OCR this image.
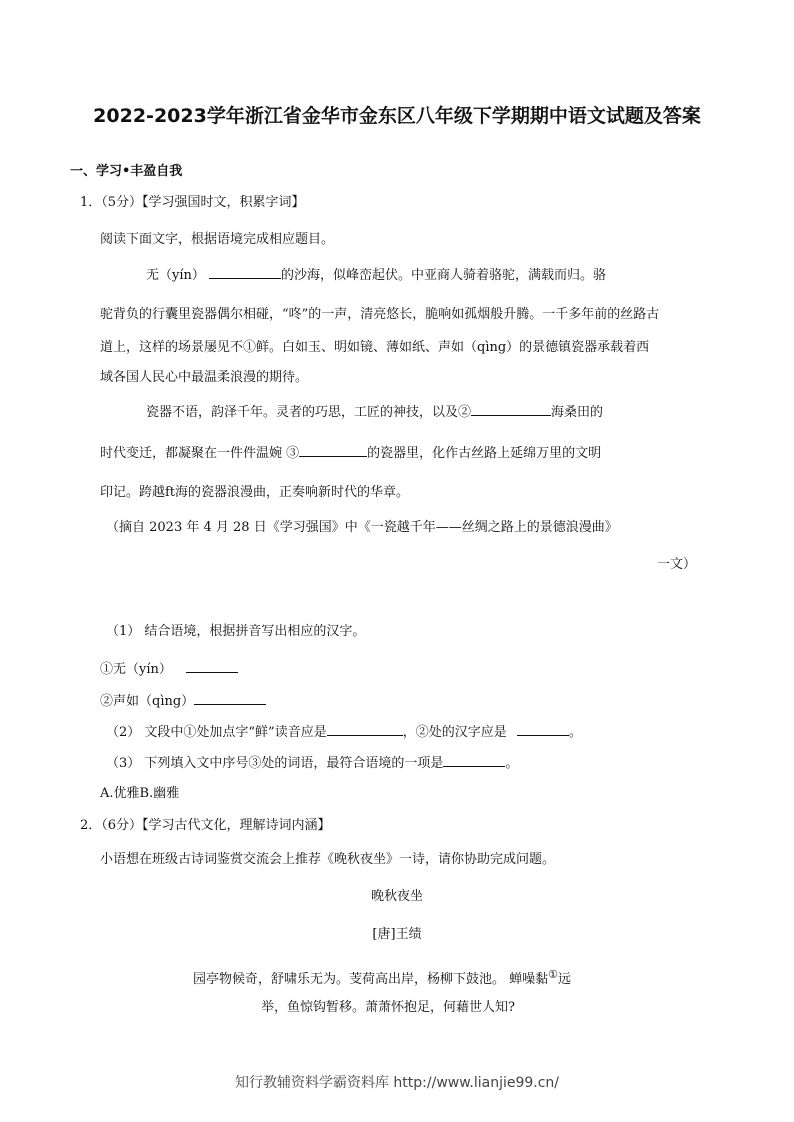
2022-2023学年浙江省金华市金东区八年级下学期期中语文试题及答案
一、学习•丰盈自我
1．（5分）【学习强国时文，积累字词】
阅读下面文字，根据语境完成相应题目。
无（yín）	的沙海，似峰峦起伏。中亚商人骑着骆驼，满载而归。骆
驼背负的行囊里瓷器偶尔相碰，“咚”的一声，清亮悠长，脆响如孤烟般升腾。一千多年前的丝路古
道上，这样的场景屡见不①鲜。白如玉、明如镜、薄如纸、声如（qìng）的景德镇瓷器承载着西
域各国人民心中最温柔浪漫的期待。
瓷器不语，韵泽千年。灵者的巧思，工匠的神技，以及②	海桑田的
时代变迁，都凝聚在一件件温婉 ③	的瓷器里，化作古丝路上延绵万里的文明
印记。跨越ft海的瓷器浪漫曲，正奏响新时代的华章。
（摘自 2023 年 4 月 28 日《学习强国》中《一瓷越千年——丝绸之路上的景德浪漫曲》
一文）
（1） 结合语境，根据拼音写出相应的汉字。
①无（yín）
②声如（qìng）
（2） 文段中①处加点字“鲜”读音应是	，②处的汉字应是	。
（3） 下列填入文中序号③处的词语，最符合语境的一项是	。
A.优雅B.幽雅
2．（6分）【学习古代文化，理解诗词内涵】
小语想在班级古诗词鉴赏交流会上推荐《晚秋夜坐》一诗，请你协助完成问题。
晚秋夜坐
[唐]王绩
园亭物候奇，舒啸乐无为。芰荷高出岸，杨柳下鼓池。 蝉噪黏①远
举，鱼惊钩暂移。萧萧怀抱足，何藉世人知?
知行教辅资料学霸资料库 http://www.lianjie99.cn/
